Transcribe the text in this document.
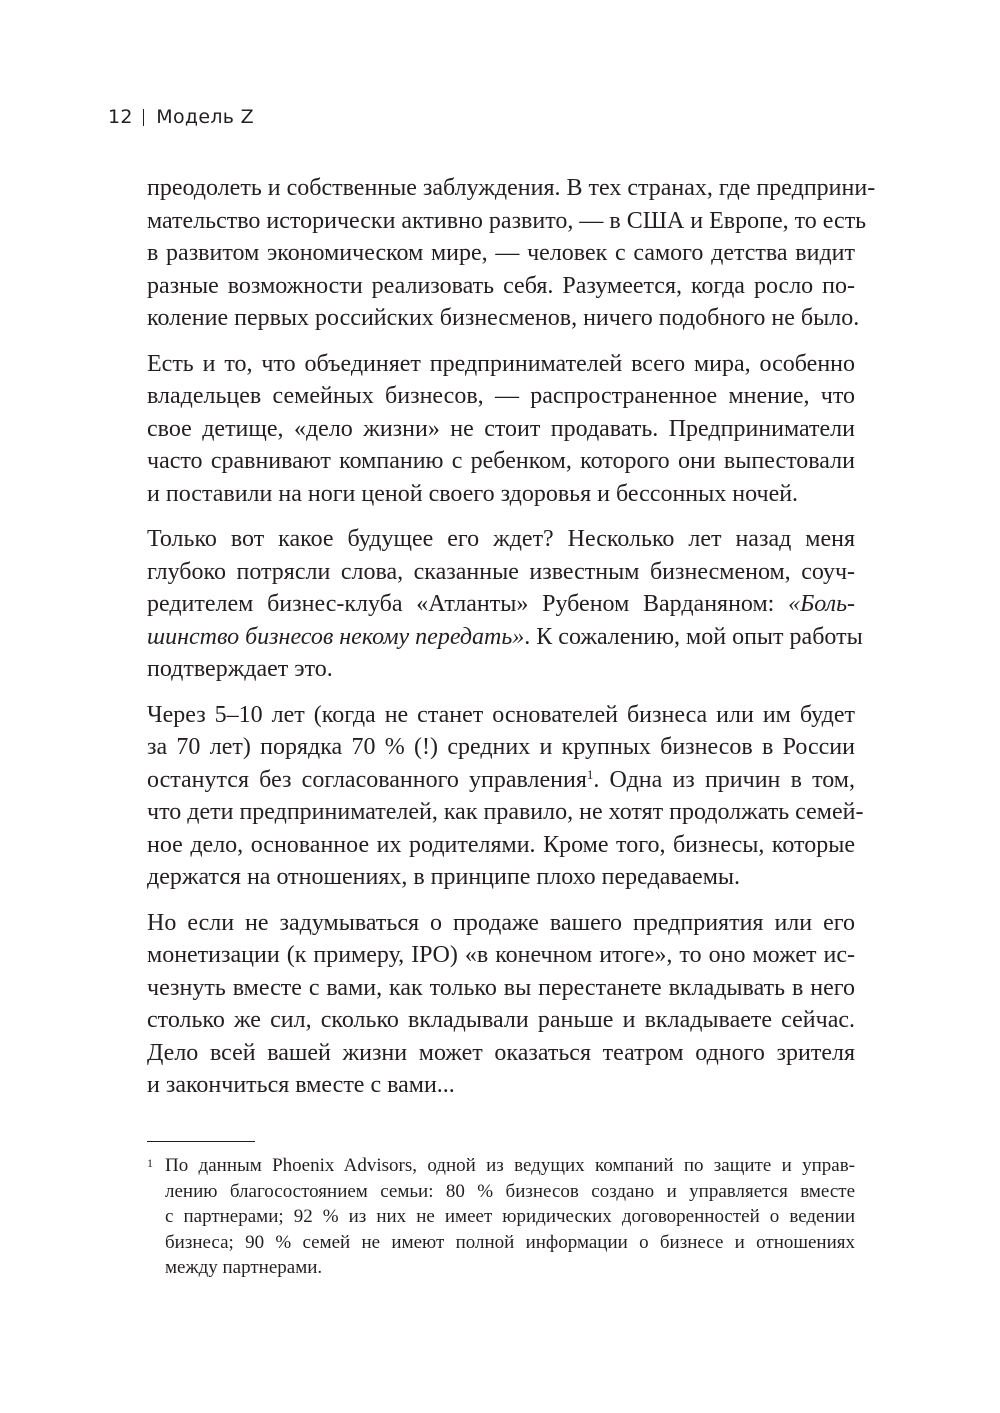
12 Модель Z

преодолеть и собственные заблуждения. В тех странах, где предприни-
мательство исторически активно развито, — в США и Европе, то есть
в развитом экономическом мире, — человек с самого детства видит
разные возможности реализовать себя. Разумеется, когда росло по-
коление первых российских бизнесменов, ничего подобного не было.

Есть и то, что объединяет предпринимателей всего мира, особенно
владельцев семейных бизнесов, — распространенное мнение, что
свое детище, «дело жизни» не стоит продавать. Предприниматели
часто сравнивают компанию с ребенком, которого они выпестовали
и поставили на ноги ценой своего здоровья и бессонных ночей.

Только вот какое будущее его ждет? Несколько лет назад меня
глубоко потрясли слова, сказанные известным бизнесменом, соуч-
редителем бизнес-клуба «Атланты» Рубеном Варданяном: «Боль-
шинство бизнесов некому передать». К сожалению, мой опыт работы
подтверждает это.

Через 5–10 лет (когда не станет основателей бизнеса или им будет
за 70 лет) порядка 70 % (!) средних и крупных бизнесов в России
останутся без согласованного управления$^1$. Одна из причин в том,
что дети предпринимателей, как правило, не хотят продолжать семей-
ное дело, основанное их родителями. Кроме того, бизнесы, которые
держатся на отношениях, в принципе плохо передаваемы.

Но если не задумываться о продаже вашего предприятия или его
монетизации (к примеру, IPO) «в конечном итоге», то оно может ис-
чезнуть вместе с вами, как только вы перестанете вкладывать в него
столько же сил, сколько вкладывали раньше и вкладываете сейчас.
Дело всей вашей жизни может оказаться театром одного зрителя
и закончиться вместе с вами...

1 По данным Phoenix Advisors, одной из ведущих компаний по защите и управ-
лению благосостоянием семьи: 80 % бизнесов создано и управляется вместе
с партнерами; 92 % из них не имеет юридических договоренностей о ведении
бизнеса; 90 % семей не имеют полной информации о бизнесе и отношениях
между партнерами.
